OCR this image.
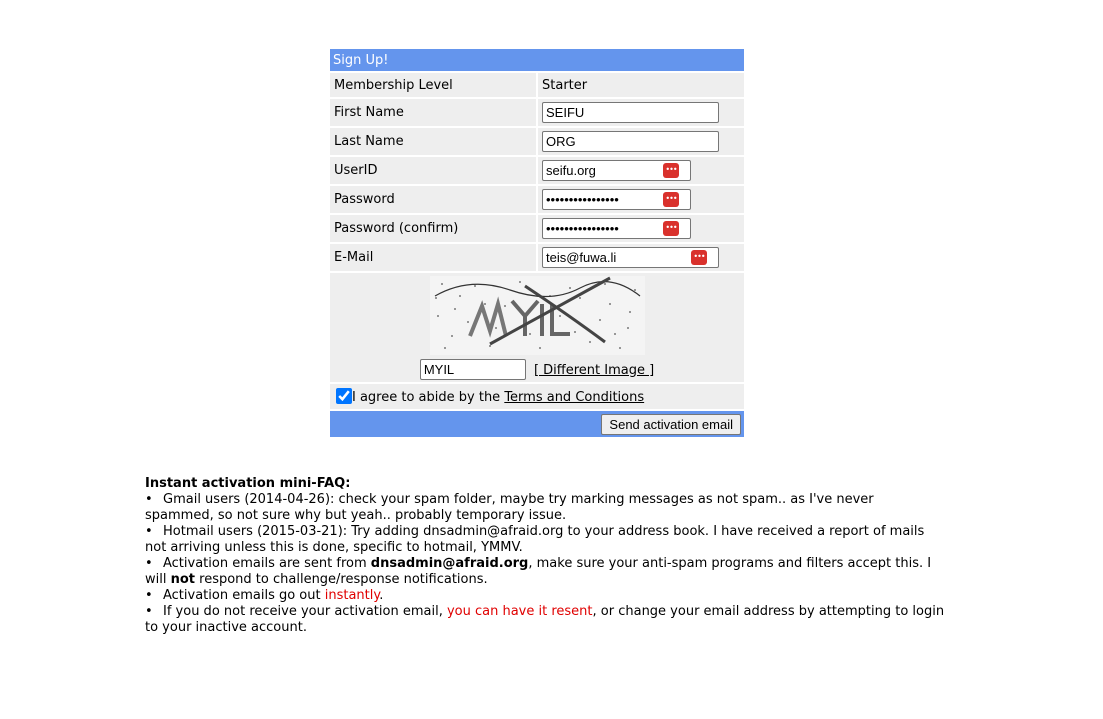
Sign Up!	
Membership Level	Starter
First Name	SEIFU
Last Name	ORG
UserID	seifu.org•••

Password	•••••••••••••••••••

Password (confirm)	•••••••••••••••••••

E-Mail	teis@fuwa.li•••

MYIL [ Different Image ]

I agree to abide by the Terms and Conditions	
Send activation email	
Instant activation mini-FAQ:
• Gmail users (2014-04-26): check your spam folder, maybe try marking messages as not spam.. as I've never spammed, so not sure why but yeah.. probably temporary issue.
• Hotmail users (2015-03-21): Try adding dnsadmin@afraid.org to your address book. I have received a report of mails not arriving unless this is done, specific to hotmail, YMMV.
• Activation emails are sent from dnsadmin@afraid.org, make sure your anti-spam programs and filters accept this. I will not respond to challenge/response notifications.
• Activation emails go out instantly.
• If you do not receive your activation email, you can have it resent, or change your email address by attempting to login to your inactive account.
